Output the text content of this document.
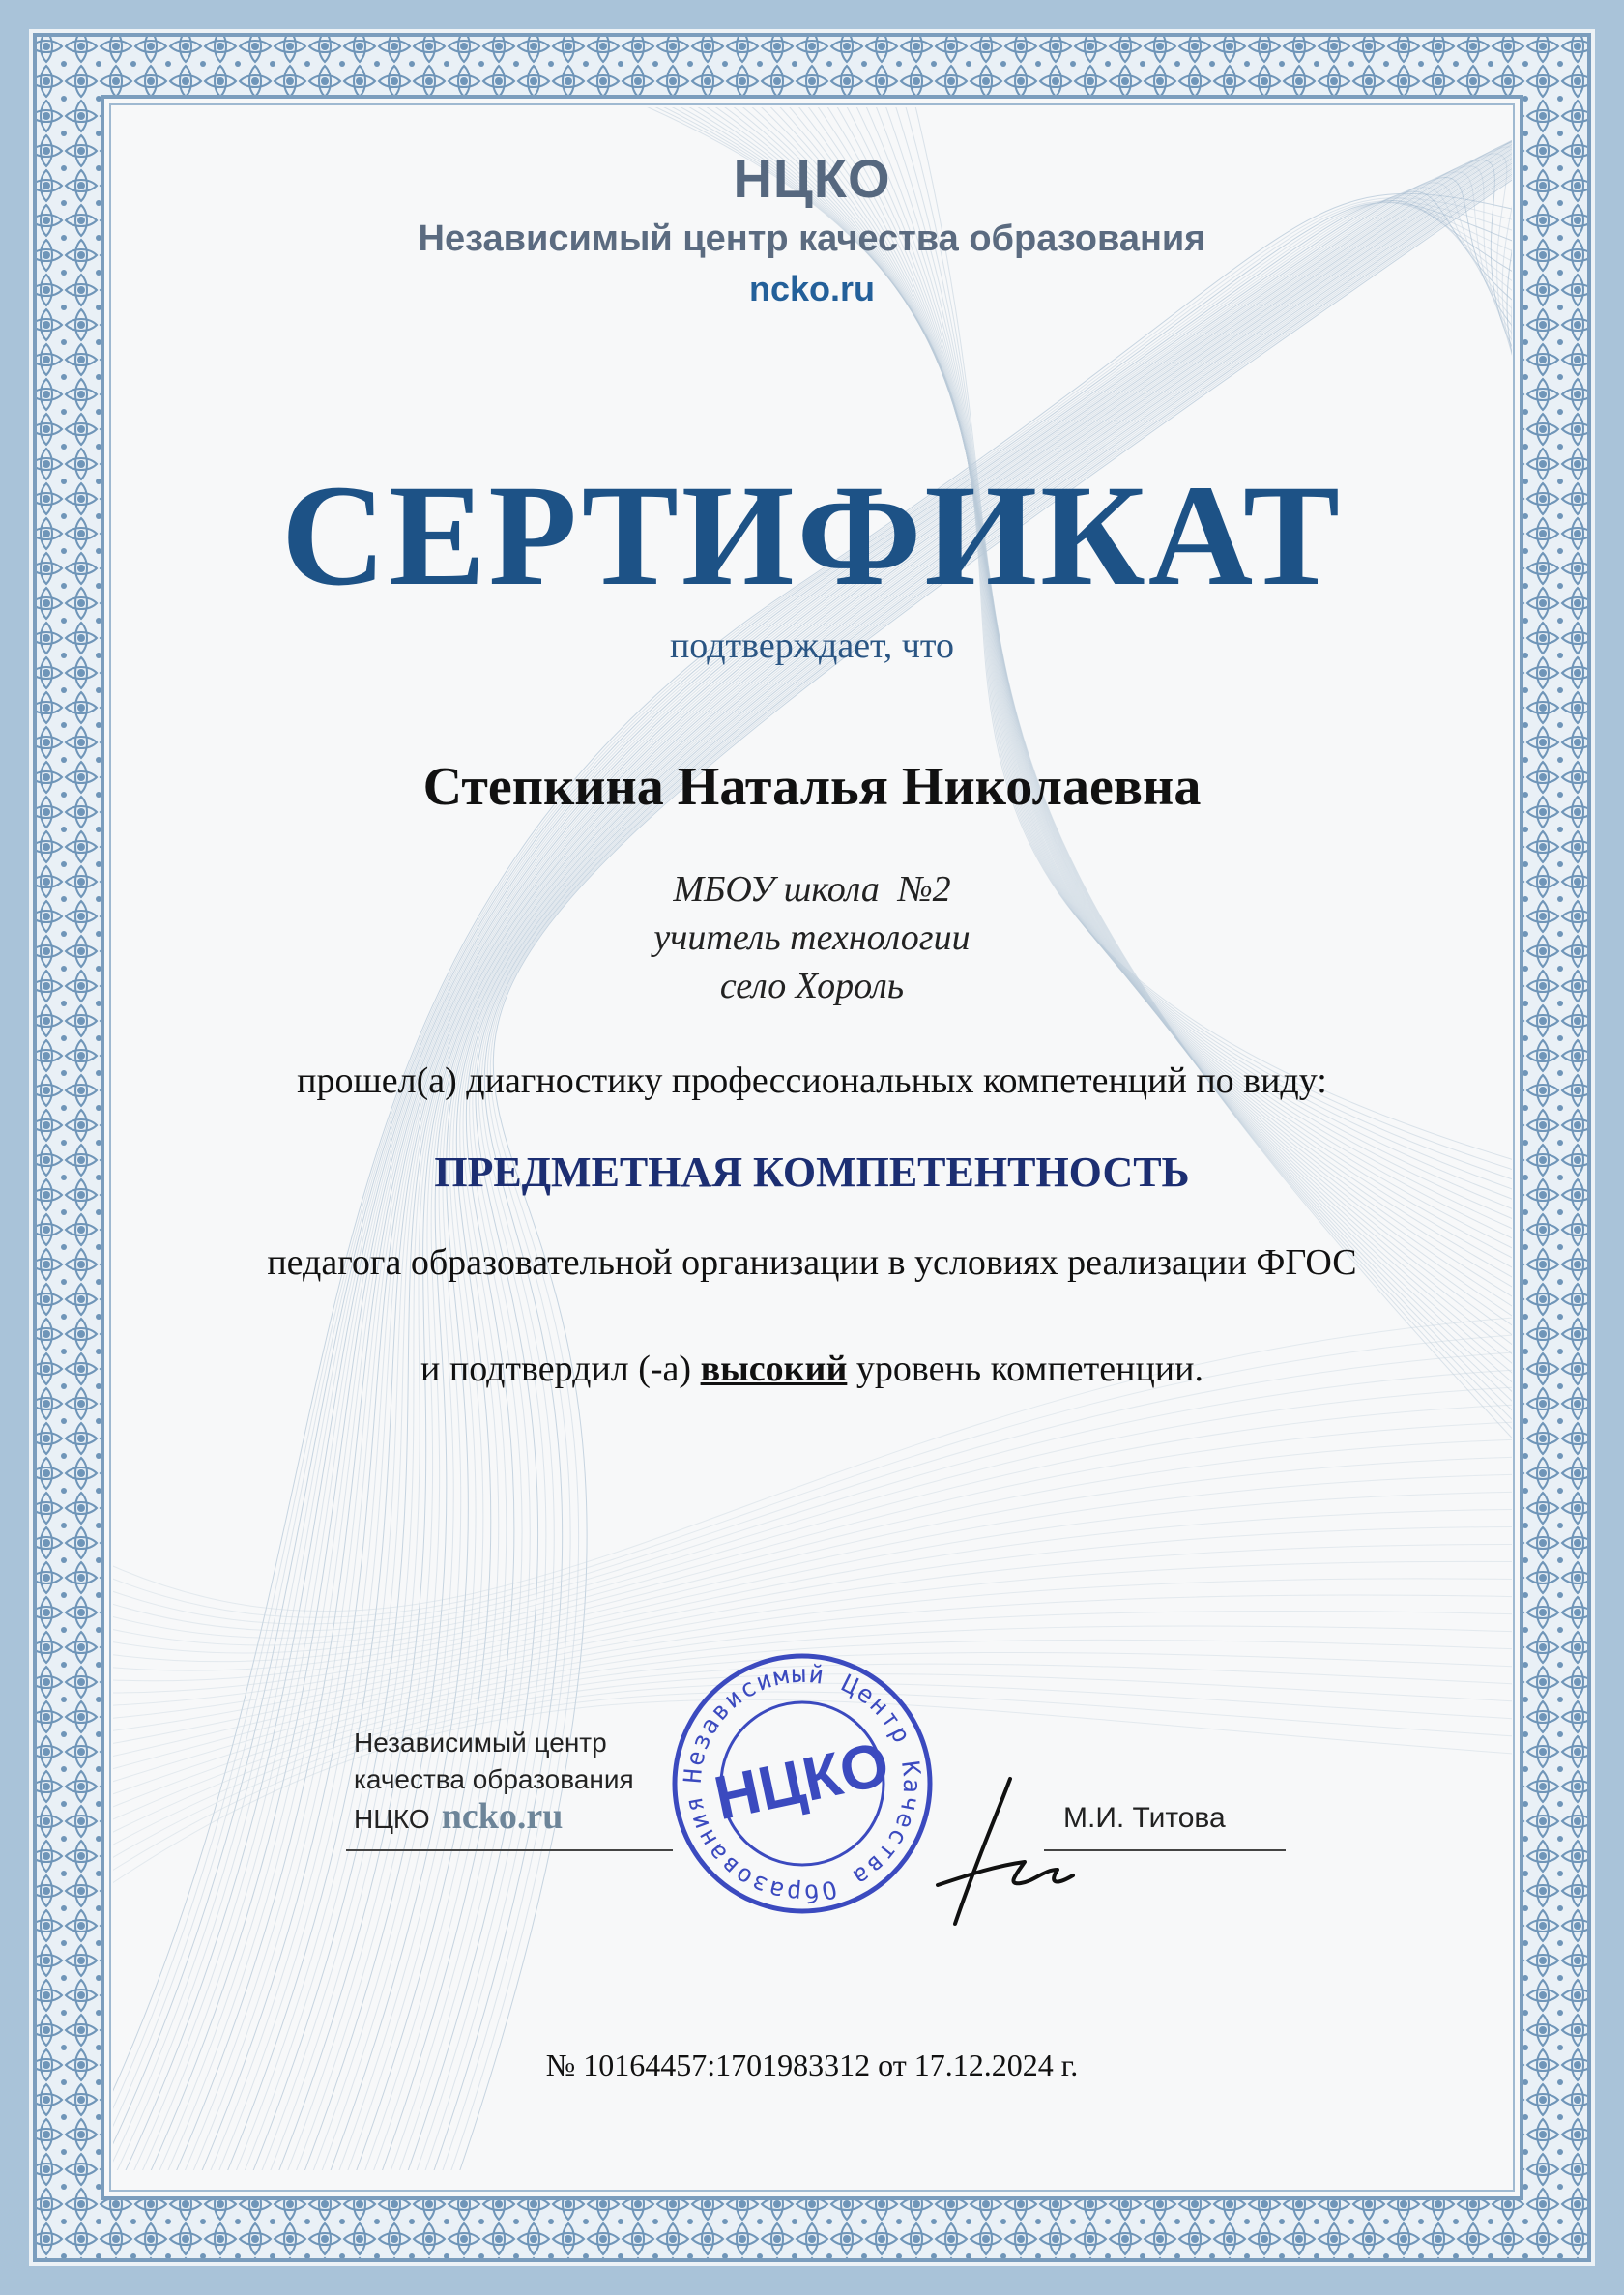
НЦКО

Независимый центр качества образования

ncko.ru

СЕРТИФИКАТ

подтверждает, что

Степкина Наталья Николаевна

МБОУ школа  №2

учитель технологии

село Хороль

прошел(а) диагностику профессиональных компетенций по виду:

ПРЕДМЕТНАЯ КОМПЕТЕНТНОСТЬ

педагога образовательной организации в условиях реализации ФГОС

и подтвердил (-а) высокий уровень компетенции.

Независимый центр
качества образования
НЦКО ncko.ru	М.И. Титова

Независимый Центр Качества Образования
НЦКО

№ 10164457:1701983312 от 17.12.2024 г.
